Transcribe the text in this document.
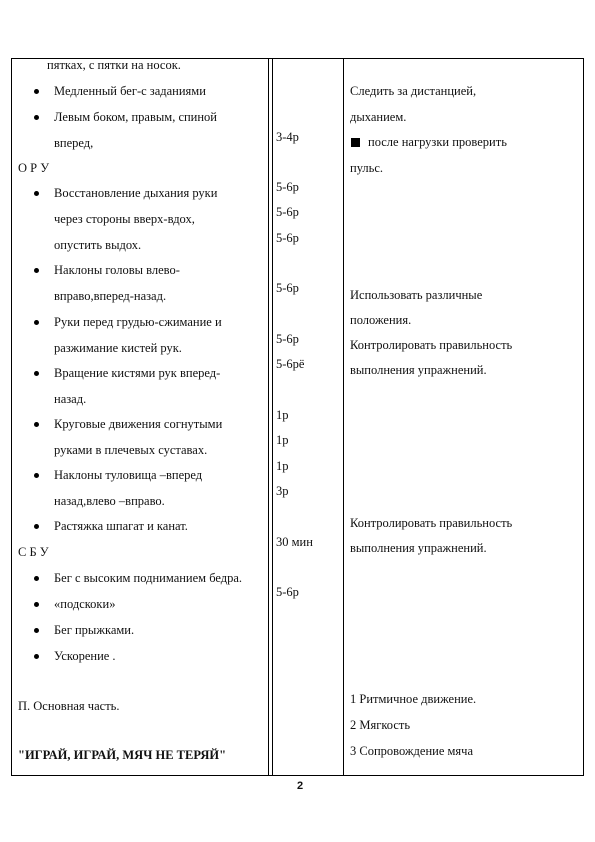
пятках, с пятки на носок.
Медленный бег-с заданиями
Левым боком, правым, спиной
вперед,
О Р У
Восстановление дыхания руки
через стороны вверх-вдох,
опустить выдох.
Наклоны головы влево-
вправо,вперед-назад.
Руки перед грудью-сжимание и
разжимание кистей рук.
Вращение кистями рук вперед-
назад.
Круговые движения согнутыми
руками в плечевых суставах.
Наклоны туловища –вперед
назад,влево –вправо.
Растяжка шпагат и канат.
С Б У
Бег с высоким подниманием бедра.
«подскоки»
Бег прыжками.
Ускорение .
П. Основная часть.
"ИГРАЙ, ИГРАЙ, МЯЧ НЕ ТЕРЯЙ"
3-4р
5-6р
5-6р
5-6р
5-6р
5-6р
5-6рё
1р
1р
1р
3р
30 мин
5-6р
Следить за дистанцией,
дыханием.
после нагрузки проверить
пульс.
Использовать различные
положения.
Контролировать правильность
выполнения упражнений.
Контролировать правильность
выполнения упражнений.
1 Ритмичное движение.
2 Мягкость
3 Сопровождение мяча
2
